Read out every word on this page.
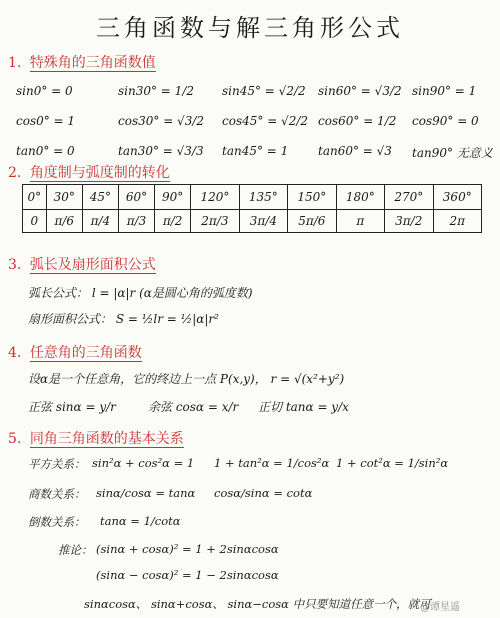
三角函数与解三角形公式
1. 特殊角的三角函数值
sin0° = 0	sin30° = 1/2 sin45° = √2/2 sin60° = √3/2 sin90° = 1
cos0° = 1	cos30° = √3/2 cos45° = √2/2 cos60° = 1/2 cos90° = 0
tan0° = 0	tan30° = √3/3 tan45° = 1 tan60° = √3 tan90° 无意义
2. 角度制与弧度制的转化
0°	30°	45°	60°	90°	120°	135°	150°	180°	270°	360°
0	π/6	π/4	π/3	π/2	2π/3	3π/4	5π/6	π	3π/2	2π
3. 弧长及扇形面积公式
弧长公式： l = |α|r (α是圆心角的弧度数)
扇形面积公式： S = ½lr = ½|α|r²
4. 任意角的三角函数
设α是一个任意角，它的终边上一点 P(x,y)， r = √(x²+y²)
正弦 sinα = y/r	余弦 cosα = x/r 正切 tanα = y/x
5. 同角三角函数的基本关系
平方关系： sin²α + cos²α = 1 1 + tan²α = 1/cos²α 1 + cot²α = 1/sin²α
商数关系： sinα/cosα = tanα cosα/sinα = cotα
倒数关系： tanα = 1/cotα
推论： (sinα + cosα)² = 1 + 2sinαcosα
(sinα − cosα)² = 1 − 2sinαcosα
sinαcosα、 sinα+cosα、 sinα−cosα 中只要知道任意一个，就可
@谭星遥
